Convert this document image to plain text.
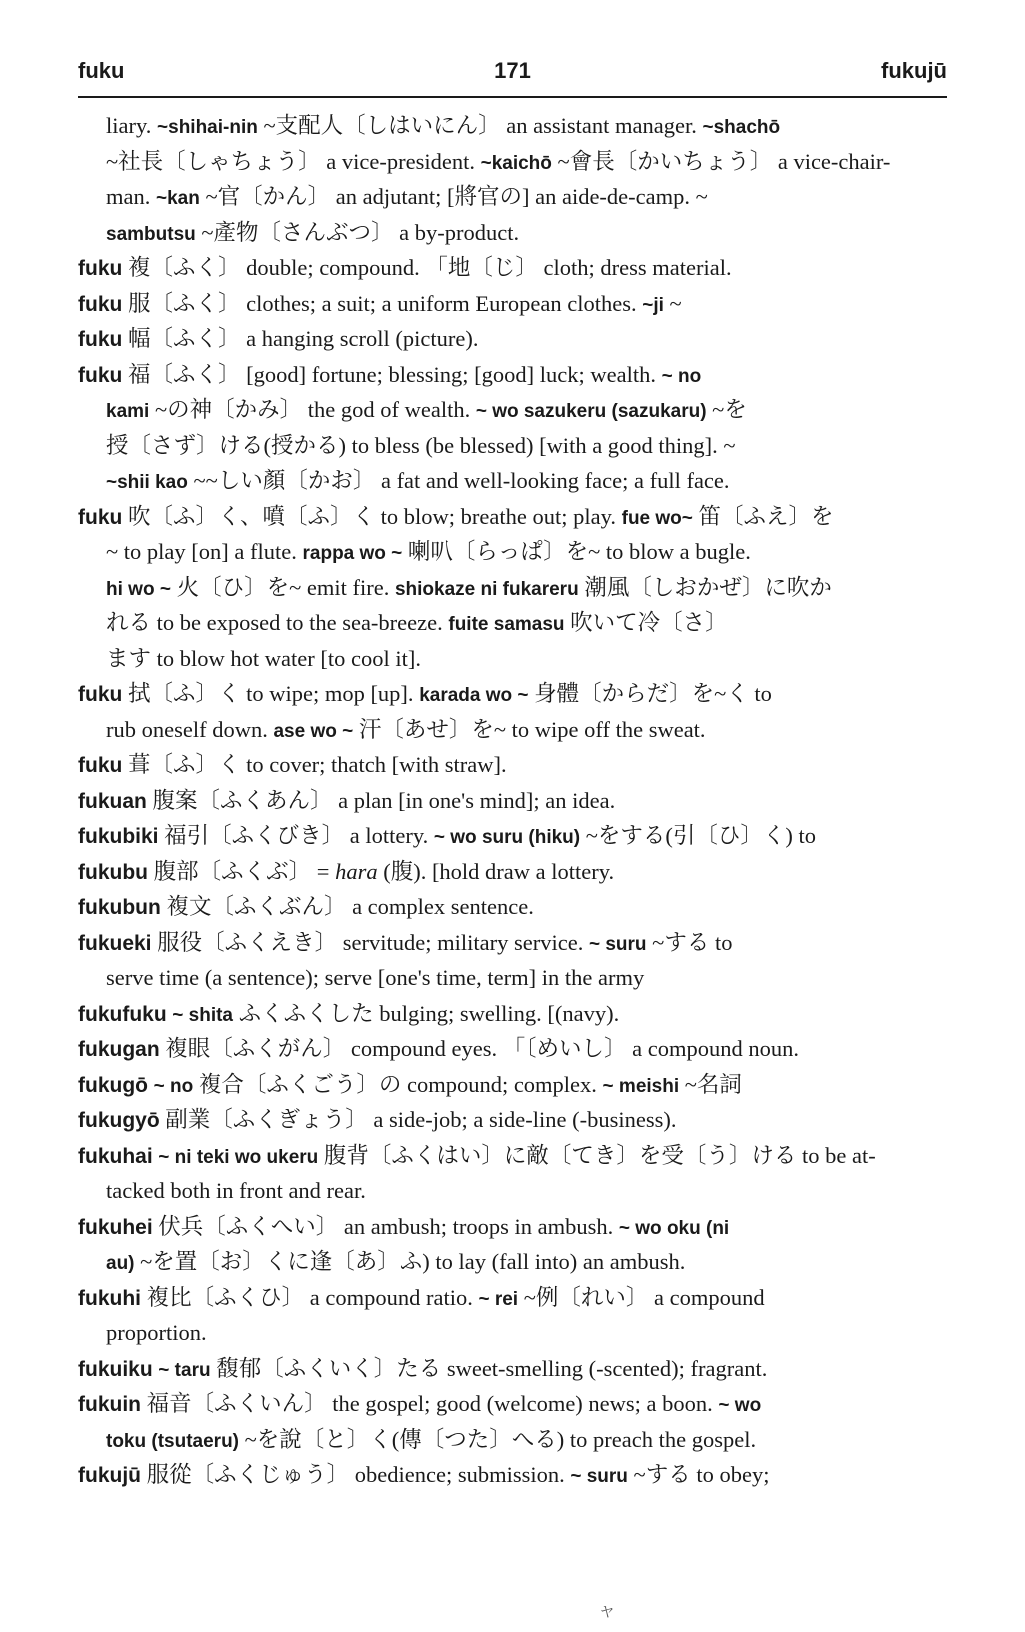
fuku	171	fukujū
liary. ~shihai-nin ~支配人〔しはいにん〕 an assistant manager. ~shachō
~社長〔しゃちょう〕 a vice-president. ~kaichō ~會長〔かいちょう〕 a vice-chair-
man. ~kan ~官〔かん〕 an adjutant; [將官の] an aide-de-camp. ~
sambutsu ~產物〔さんぶつ〕 a by-product.
fuku 複〔ふく〕 double; compound. 「地〔じ〕 cloth; dress material.
fuku 服〔ふく〕 clothes; a suit; a uniform European clothes. ~ji ~
fuku 幅〔ふく〕 a hanging scroll (picture).
fuku 福〔ふく〕 [good] fortune; blessing; [good] luck; wealth. ~ no
kami ~の神〔かみ〕 the god of wealth. ~ wo sazukeru (sazukaru) ~を
授〔さず〕ける(授かる) to bless (be blessed) [with a good thing]. ~
~shii kao ~~しい顏〔かお〕 a fat and well-looking face; a full face.
fuku 吹〔ふ〕く、噴〔ふ〕く to blow; breathe out; play. fue wo~ 笛〔ふえ〕を
~ to play [on] a flute. rappa wo ~ 喇叭〔らっぱ〕を~ to blow a bugle.
hi wo ~ 火〔ひ〕を~ emit fire. shiokaze ni fukareru 潮風〔しおかぜ〕に吹か
れる to be exposed to the sea-breeze. fuite samasu 吹いて冷〔さ〕
ます to blow hot water [to cool it].
fuku 拭〔ふ〕く to wipe; mop [up]. karada wo ~ 身體〔からだ〕を~く to
rub oneself down. ase wo ~ 汗〔あせ〕を~ to wipe off the sweat.
fuku 葺〔ふ〕く to cover; thatch [with straw].
fukuan 腹案〔ふくあん〕 a plan [in one's mind]; an idea.
fukubiki 福引〔ふくびき〕 a lottery. ~ wo suru (hiku) ~をする(引〔ひ〕く) to
fukubu 腹部〔ふくぶ〕 = hara (腹). [hold draw a lottery.
fukubun 複文〔ふくぶん〕 a complex sentence.
fukueki 服役〔ふくえき〕 servitude; military service. ~ suru ~する to
serve time (a sentence); serve [one's time, term] in the army
fukufuku ~ shita ふくふくした bulging; swelling. [(navy).
fukugan 複眼〔ふくがん〕 compound eyes. 「〔めいし〕 a compound noun.
fukugō ~ no 複合〔ふくごう〕の compound; complex. ~ meishi ~名詞
fukugyō 副業〔ふくぎょう〕 a side-job; a side-line (-business).
fukuhai ~ ni teki wo ukeru 腹背〔ふくはい〕に敵〔てき〕を受〔う〕ける to be at-
tacked both in front and rear.
fukuhei 伏兵〔ふくへい〕 an ambush; troops in ambush. ~ wo oku (ni
au) ~を置〔お〕くに逢〔あ〕ふ) to lay (fall into) an ambush.
fukuhi 複比〔ふくひ〕 a compound ratio. ~ rei ~例〔れい〕 a compound
proportion.
fukuiku ~ taru 馥郁〔ふくいく〕たる sweet-smelling (-scented); fragrant.
fukuin 福音〔ふくいん〕 the gospel; good (welcome) news; a boon. ~ wo
toku (tsutaeru) ~を說〔と〕く(傳〔つた〕へる) to preach the gospel.
fukujū 服從〔ふくじゅう〕 obedience; submission. ~ suru ~する to obey;
ヤ
